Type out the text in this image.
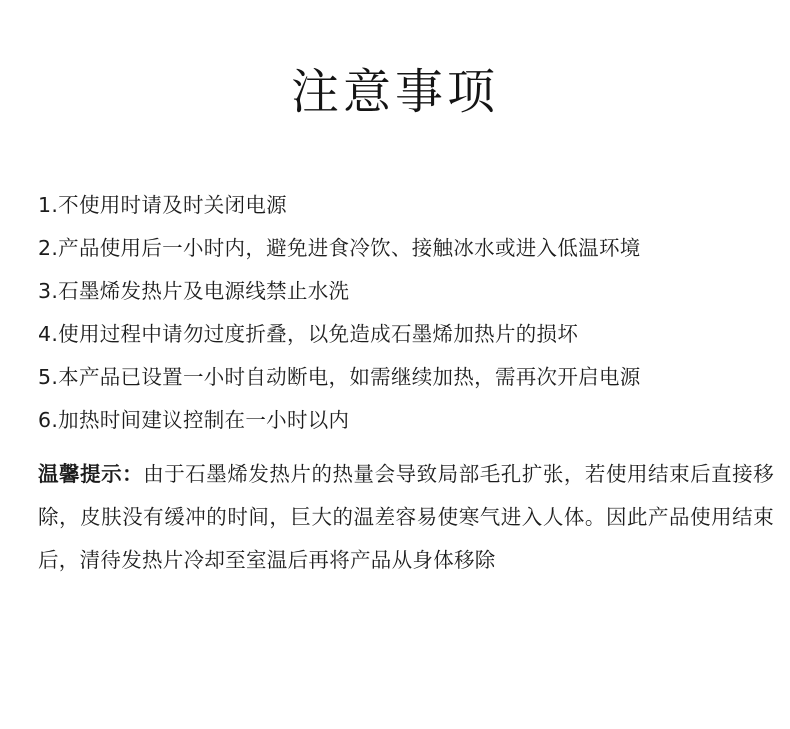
注意事项
1.不使用时请及时关闭电源
2.产品使用后一小时内，避免进食冷饮、接触冰水或进入低温环境
3.石墨烯发热片及电源线禁止水洗
4.使用过程中请勿过度折叠，以免造成石墨烯加热片的损坏
5.本产品已设置一小时自动断电，如需继续加热，需再次开启电源
6.加热时间建议控制在一小时以内
温馨提示：由于石墨烯发热片的热量会导致局部毛孔扩张，若使用结束后直接移除，皮肤没有缓冲的时间，巨大的温差容易使寒气进入人体。因此产品使用结束后，清待发热片冷却至室温后再将产品从身体移除
